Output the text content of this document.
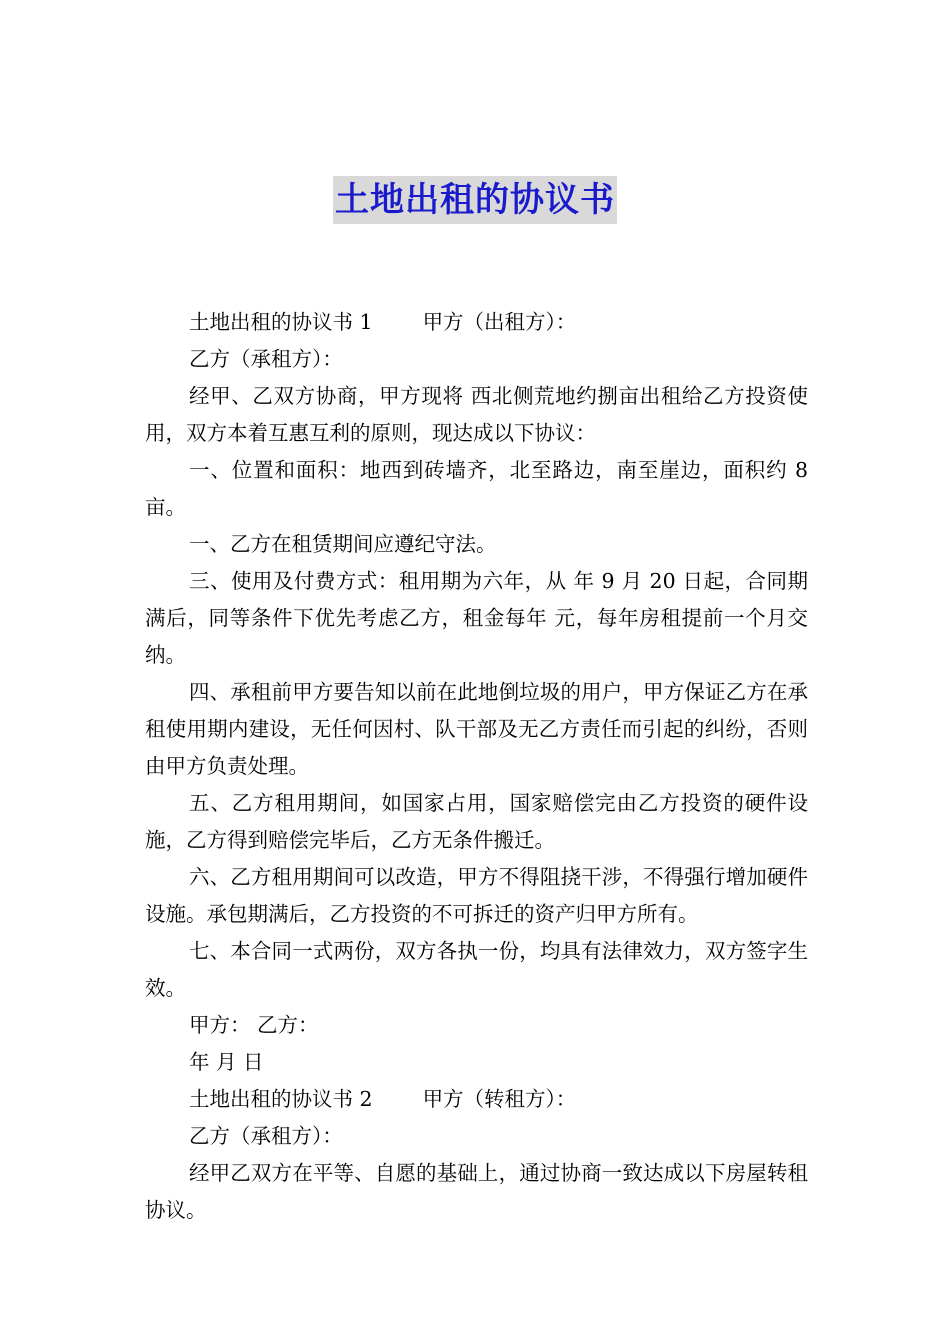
土地出租的协议书

土地出租的协议书 1 甲方（出租方）：

乙方（承租方）：

经甲、乙双方协商，甲方现将 西北侧荒地约捌亩出租给乙方投资使用，双方本着互惠互利的原则，现达成以下协议：

一、位置和面积：地西到砖墙齐，北至路边，南至崖边，面积约 8 亩。

一、乙方在租赁期间应遵纪守法。

三、使用及付费方式：租用期为六年，从 年 9 月 20 日起，合同期满后，同等条件下优先考虑乙方，租金每年 元，每年房租提前一个月交纳。

四、承租前甲方要告知以前在此地倒垃圾的用户，甲方保证乙方在承租使用期内建设，无任何因村、队干部及无乙方责任而引起的纠纷，否则由甲方负责处理。

五、乙方租用期间，如国家占用，国家赔偿完由乙方投资的硬件设施，乙方得到赔偿完毕后，乙方无条件搬迁。

六、乙方租用期间可以改造，甲方不得阻挠干涉，不得强行增加硬件设施。承包期满后，乙方投资的不可拆迁的资产归甲方所有。

七、本合同一式两份，双方各执一份，均具有法律效力，双方签字生效。

甲方： 乙方：

年 月 日

土地出租的协议书 2 甲方（转租方）：

乙方（承租方）：

经甲乙双方在平等、自愿的基础上，通过协商一致达成以下房屋转租协议。
